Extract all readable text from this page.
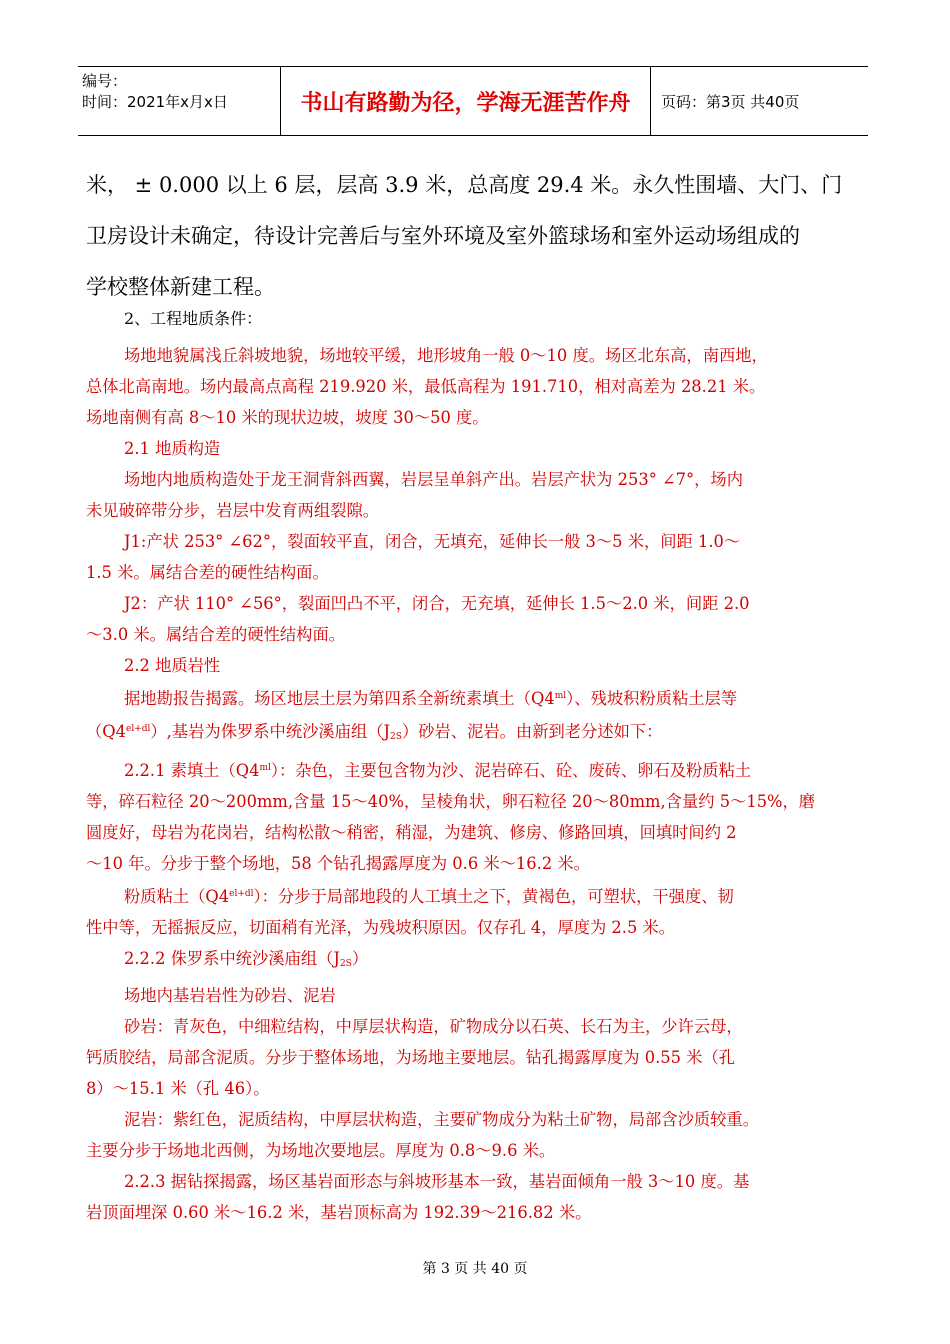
编号：
时间：2021年x月x日	书山有路勤为径，学海无涯苦作舟	页码：第3页 共40页

米， ± 0.000 以上 6 层，层高 3.9 米，总高度 29.4 米。永久性围墙、大门、门

卫房设计未确定，待设计完善后与室外环境及室外篮球场和室外运动场组成的

学校整体新建工程。

2、工程地质条件：

场地地貌属浅丘斜坡地貌，场地较平缓，地形坡角一般 0～10 度。场区北东高，南西地，

总体北高南地。场内最高点高程 219.920 米，最低高程为 191.710，相对高差为 28.21 米。

场地南侧有高 8～10 米的现状边坡，坡度 30～50 度。

2.1 地质构造

场地内地质构造处于龙王洞背斜西翼，岩层呈单斜产出。岩层产状为 253° ∠7°，场内

未见破碎带分步，岩层中发育两组裂隙。

J1:产状 253° ∠62°，裂面较平直，闭合，无填充，延伸长一般 3～5 米，间距 1.0～

1.5 米。属结合差的硬性结构面。

J2：产状 110° ∠56°，裂面凹凸不平，闭合，无充填，延伸长 1.5～2.0 米，间距 2.0

～3.0 米。属结合差的硬性结构面。

2.2 地质岩性

据地勘报告揭露。场区地层土层为第四系全新统素填土$(Q4^{ml})$、残坡积粉质粘土层等

$(Q4^{el+dl})$,基岩为侏罗系中统沙溪庙组$(J_{2S})$砂岩、泥岩。由新到老分述如下：

2.2.1 素填土$(Q4^{ml})$：杂色，主要包含物为沙、泥岩碎石、砼、废砖、卵石及粉质粘土

等，碎石粒径 20～200mm,含量 15～40%，呈棱角状，卵石粒径 20～80mm,含量约 5～15%，磨

圆度好，母岩为花岗岩，结构松散～稍密，稍湿，为建筑、修房、修路回填，回填时间约 2

～10 年。分步于整个场地，58 个钻孔揭露厚度为 0.6 米～16.2 米。

粉质粘土$(Q4^{el+dl})$：分步于局部地段的人工填土之下，黄褐色，可塑状，干强度、韧

性中等，无摇振反应，切面稍有光泽，为残坡积原因。仅存孔 4，厚度为 2.5 米。

2.2.2 侏罗系中统沙溪庙组$(J_{2S})$

场地内基岩岩性为砂岩、泥岩

砂岩：青灰色，中细粒结构，中厚层状构造，矿物成分以石英、长石为主，少许云母，

钙质胶结，局部含泥质。分步于整体场地，为场地主要地层。钻孔揭露厚度为 0.55 米（孔

8）～15.1 米（孔 46）。

泥岩：紫红色，泥质结构，中厚层状构造，主要矿物成分为粘土矿物，局部含沙质较重。

主要分步于场地北西侧，为场地次要地层。厚度为 0.8～9.6 米。

2.2.3 据钻探揭露，场区基岩面形态与斜坡形基本一致，基岩面倾角一般 3～10 度。基

岩顶面埋深 0.60 米～16.2 米，基岩顶标高为 192.39～216.82 米。

第 3 页 共 40 页
